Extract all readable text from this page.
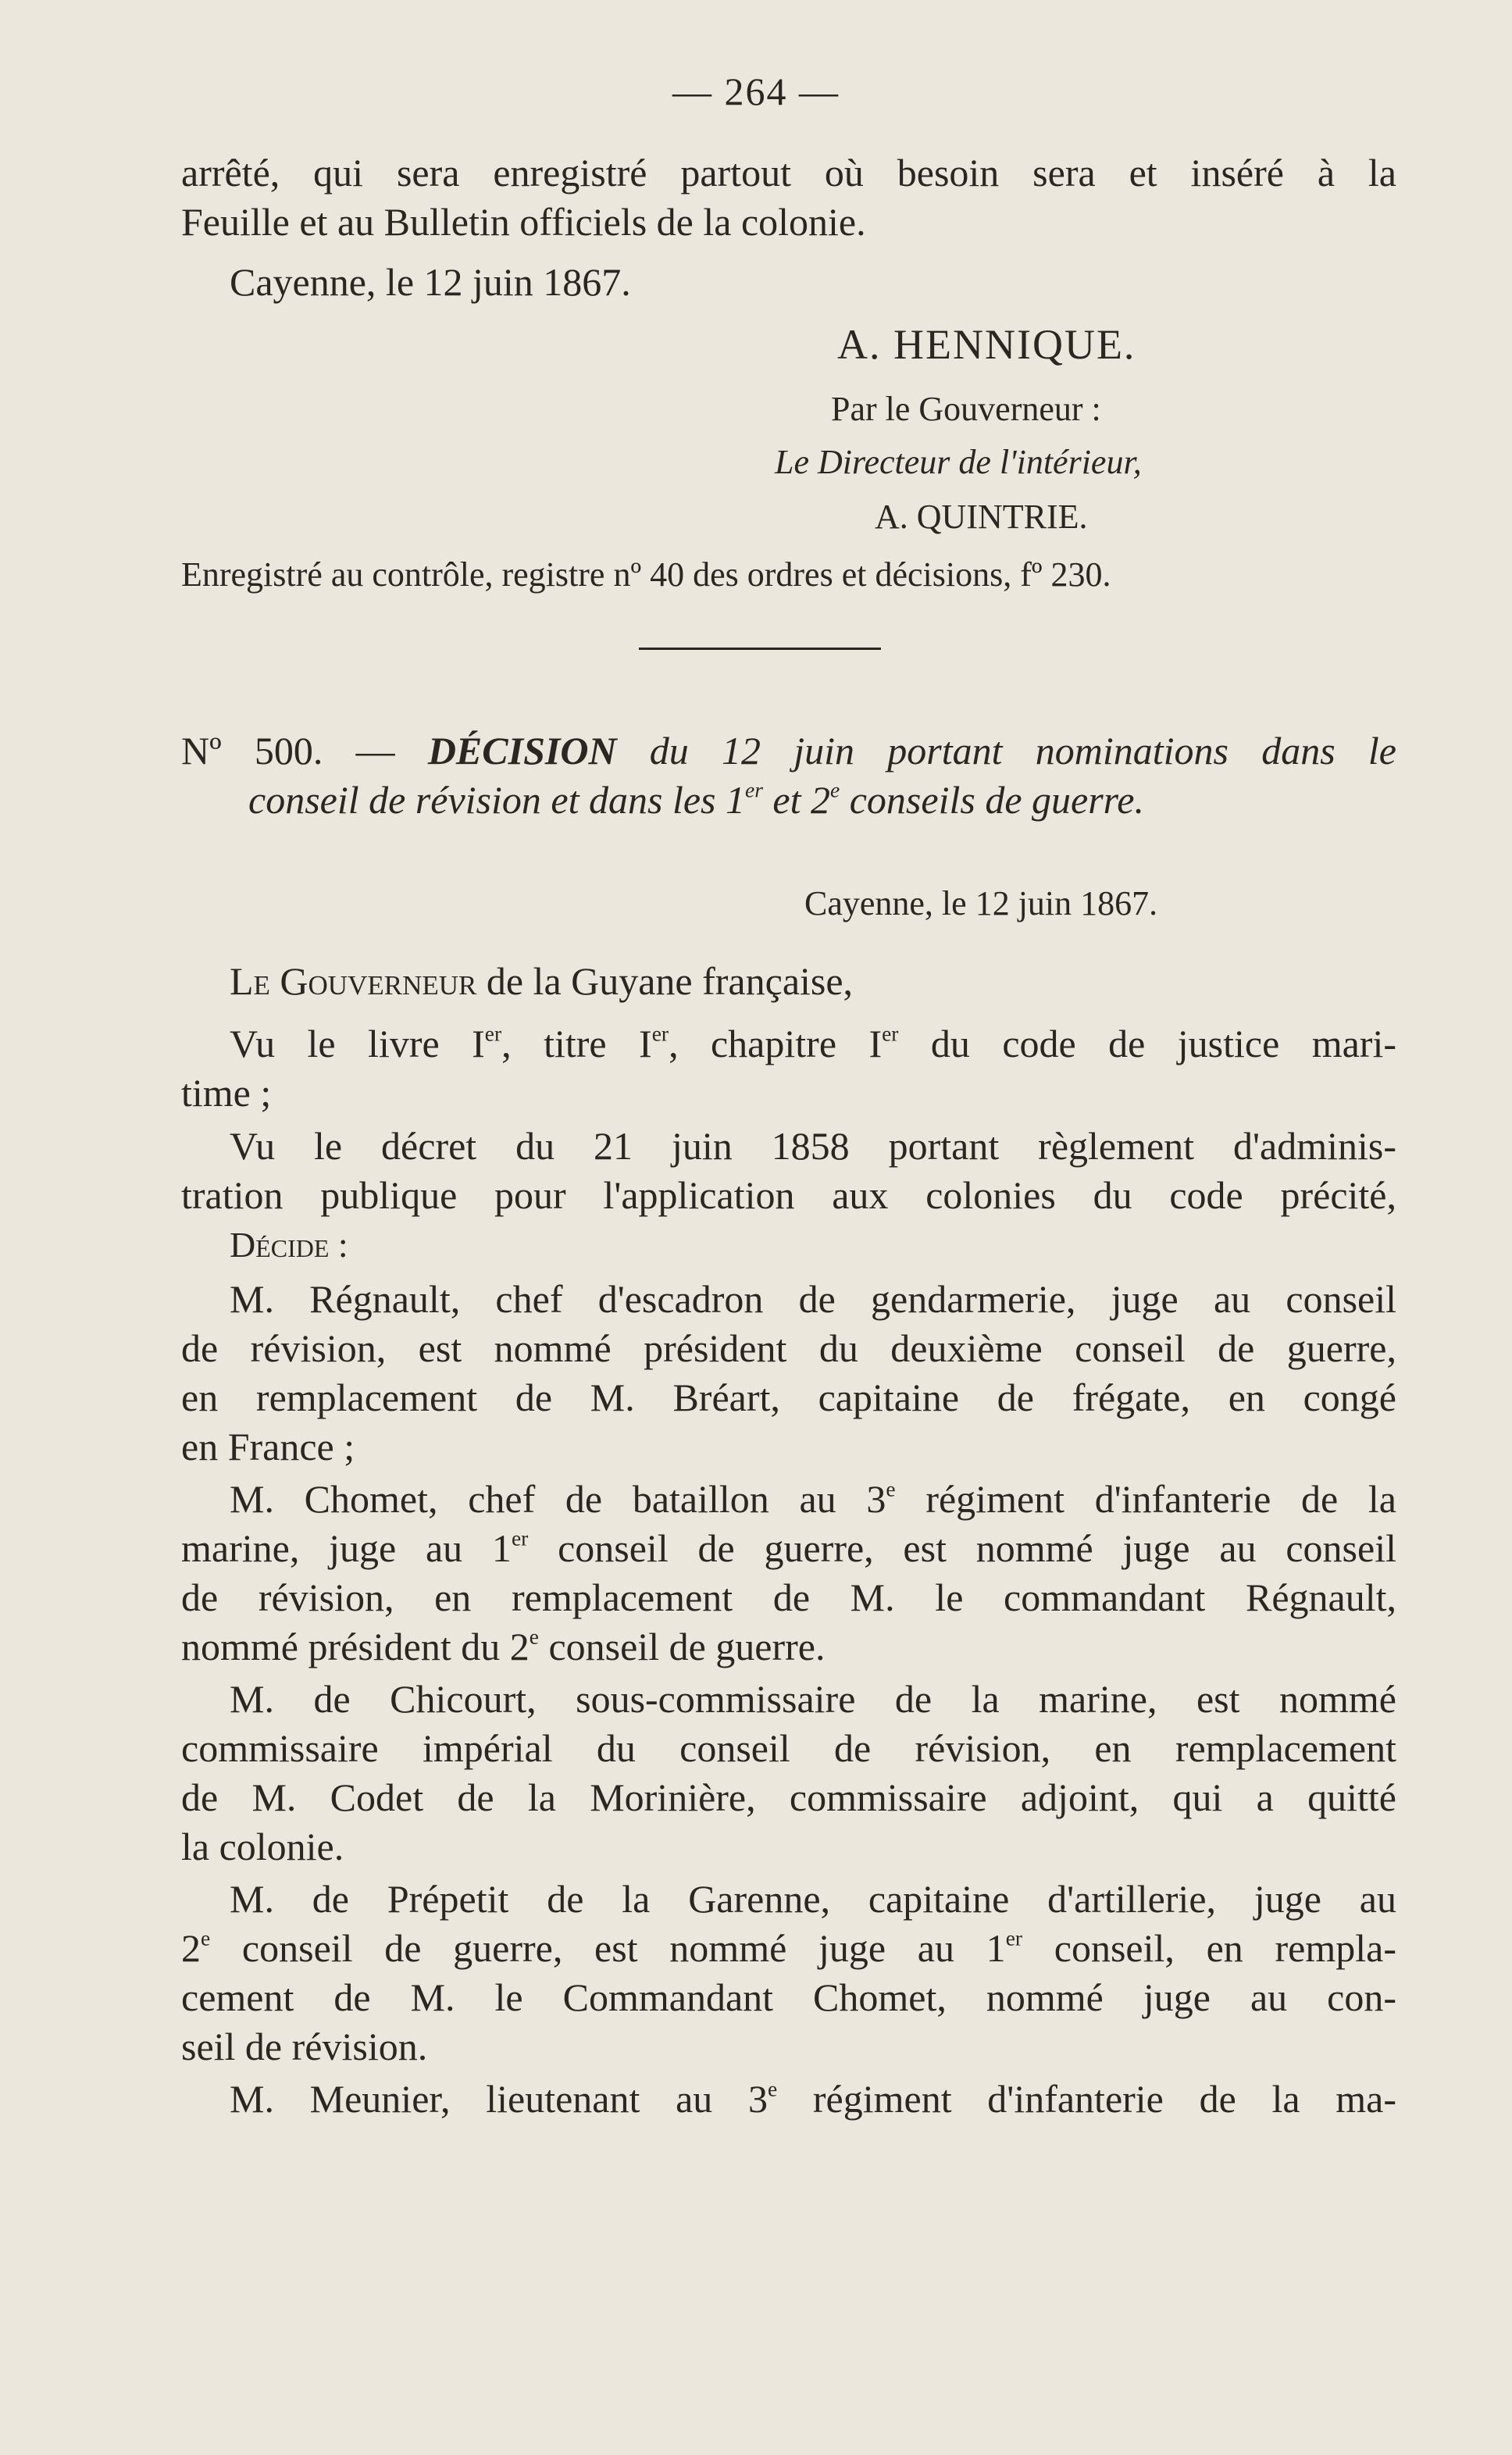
— 264 —
arrêté, qui sera enregistré partout où besoin sera et inséré à la
Feuille et au Bulletin officiels de la colonie.
Cayenne, le 12 juin 1867.
A. HENNIQUE.
Par le Gouverneur :
Le Directeur de l'intérieur,
A. QUINTRIE.
Enregistré au contrôle, registre nº 40 des ordres et décisions, fº 230.
Nº 500. — DÉCISION du 12 juin portant nominations dans le
conseil de révision et dans les 1er et 2e conseils de guerre.
Cayenne, le 12 juin 1867.
Le Gouverneur de la Guyane française,
Vu le livre Ier, titre Ier, chapitre Ier du code de justice mari-
time ;
Vu le décret du 21 juin 1858 portant règlement d'adminis-
tration publique pour l'application aux colonies du code précité,
Décide :
M. Régnault, chef d'escadron de gendarmerie, juge au conseil
de révision, est nommé président du deuxième conseil de guerre,
en remplacement de M. Bréart, capitaine de frégate, en congé
en France ;
M. Chomet, chef de bataillon au 3e régiment d'infanterie de la
marine, juge au 1er conseil de guerre, est nommé juge au conseil
de révision, en remplacement de M. le commandant Régnault,
nommé président du 2e conseil de guerre.
M. de Chicourt, sous-commissaire de la marine, est nommé
commissaire impérial du conseil de révision, en remplacement
de M. Codet de la Morinière, commissaire adjoint, qui a quitté
la colonie.
M. de Prépetit de la Garenne, capitaine d'artillerie, juge au
2e conseil de guerre, est nommé juge au 1er conseil, en rempla-
cement de M. le Commandant Chomet, nommé juge au con-
seil de révision.
M. Meunier, lieutenant au 3e régiment d'infanterie de la ma-
